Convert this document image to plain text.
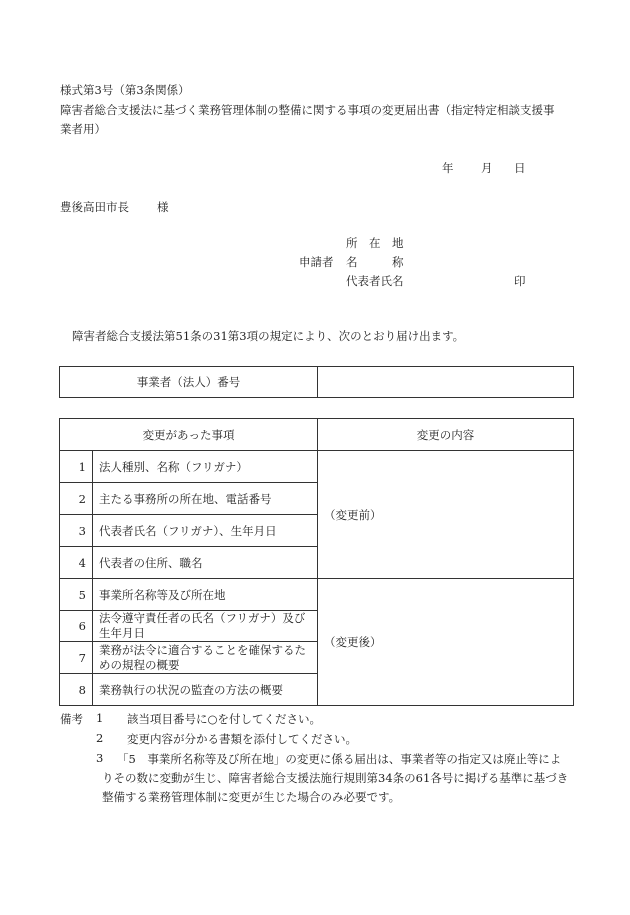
様式第3号（第3条関係）
障害者総合支援法に基づく業務管理体制の整備に関する事項の変更届出書（指定特定相談支援事
業者用）
年 月 日
豊後高田市長 様
所　在　地
申請者 名　　　称
代表者氏名	印
障害者総合支援法第51条の31第3項の規定により、次のとおり届け出ます。
事業者（法人）番号	
変更があった事項		変更の内容
1	法人種別、名称（フリガナ）	（変更前）
2	主たる事務所の所在地、電話番号	
3	代表者氏名（フリガナ）、生年月日	
4	代表者の住所、職名	
5	事業所名称等及び所在地	（変更後）
6	法令遵守責任者の氏名（フリガナ）及び生年月日	
7	業務が法令に適合することを確保するための規程の概要	
8	業務執行の状況の監査の方法の概要	
備考 1 該当項目番号に○を付してください。
2 変更内容が分かる書類を添付してください。
3 「5　事業所名称等及び所在地」の変更に係る届出は、事業者等の指定又は廃止等によ
りその数に変動が生じ、障害者総合支援法施行規則第34条の61各号に掲げる基準に基づき
整備する業務管理体制に変更が生じた場合のみ必要です。
